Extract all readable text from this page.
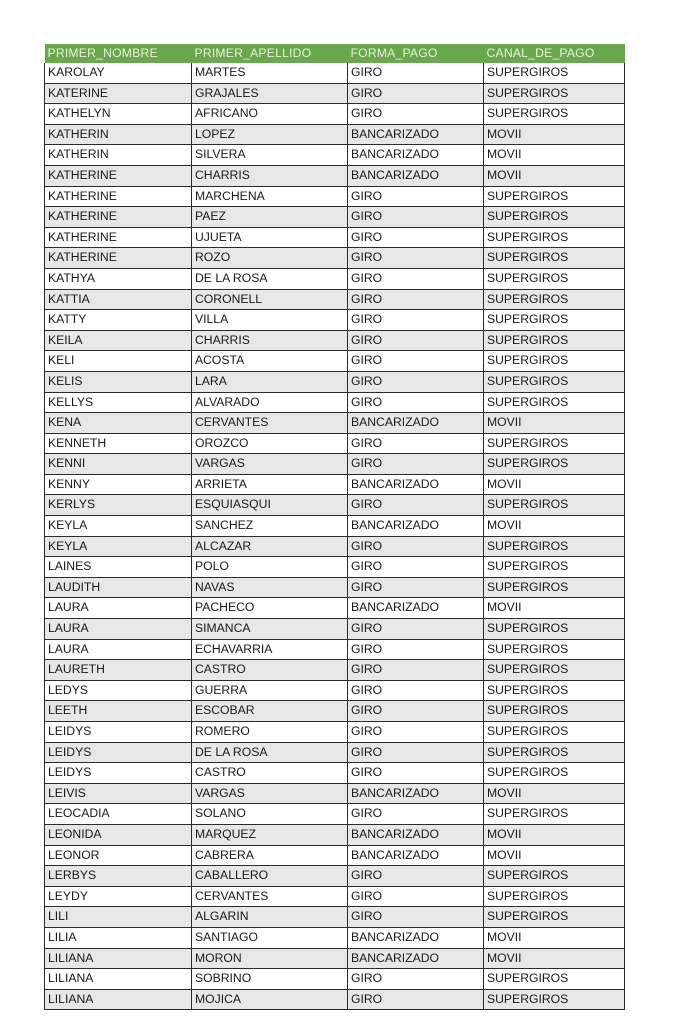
PRIMER_NOMBRE	PRIMER_APELLIDO	FORMA_PAGO	CANAL_DE_PAGO
KAROLAY	MARTES	GIRO	SUPERGIROS
KATERINE	GRAJALES	GIRO	SUPERGIROS
KATHELYN	AFRICANO	GIRO	SUPERGIROS
KATHERIN	LOPEZ	BANCARIZADO	MOVII
KATHERIN	SILVERA	BANCARIZADO	MOVII
KATHERINE	CHARRIS	BANCARIZADO	MOVII
KATHERINE	MARCHENA	GIRO	SUPERGIROS
KATHERINE	PAEZ	GIRO	SUPERGIROS
KATHERINE	UJUETA	GIRO	SUPERGIROS
KATHERINE	ROZO	GIRO	SUPERGIROS
KATHYA	DE LA ROSA	GIRO	SUPERGIROS
KATTIA	CORONELL	GIRO	SUPERGIROS
KATTY	VILLA	GIRO	SUPERGIROS
KEILA	CHARRIS	GIRO	SUPERGIROS
KELI	ACOSTA	GIRO	SUPERGIROS
KELIS	LARA	GIRO	SUPERGIROS
KELLYS	ALVARADO	GIRO	SUPERGIROS
KENA	CERVANTES	BANCARIZADO	MOVII
KENNETH	OROZCO	GIRO	SUPERGIROS
KENNI	VARGAS	GIRO	SUPERGIROS
KENNY	ARRIETA	BANCARIZADO	MOVII
KERLYS	ESQUIASQUI	GIRO	SUPERGIROS
KEYLA	SANCHEZ	BANCARIZADO	MOVII
KEYLA	ALCAZAR	GIRO	SUPERGIROS
LAINES	POLO	GIRO	SUPERGIROS
LAUDITH	NAVAS	GIRO	SUPERGIROS
LAURA	PACHECO	BANCARIZADO	MOVII
LAURA	SIMANCA	GIRO	SUPERGIROS
LAURA	ECHAVARRIA	GIRO	SUPERGIROS
LAURETH	CASTRO	GIRO	SUPERGIROS
LEDYS	GUERRA	GIRO	SUPERGIROS
LEETH	ESCOBAR	GIRO	SUPERGIROS
LEIDYS	ROMERO	GIRO	SUPERGIROS
LEIDYS	DE LA ROSA	GIRO	SUPERGIROS
LEIDYS	CASTRO	GIRO	SUPERGIROS
LEIVIS	VARGAS	BANCARIZADO	MOVII
LEOCADIA	SOLANO	GIRO	SUPERGIROS
LEONIDA	MARQUEZ	BANCARIZADO	MOVII
LEONOR	CABRERA	BANCARIZADO	MOVII
LERBYS	CABALLERO	GIRO	SUPERGIROS
LEYDY	CERVANTES	GIRO	SUPERGIROS
LILI	ALGARIN	GIRO	SUPERGIROS
LILIA	SANTIAGO	BANCARIZADO	MOVII
LILIANA	MORON	BANCARIZADO	MOVII
LILIANA	SOBRINO	GIRO	SUPERGIROS
LILIANA	MOJICA	GIRO	SUPERGIROS
